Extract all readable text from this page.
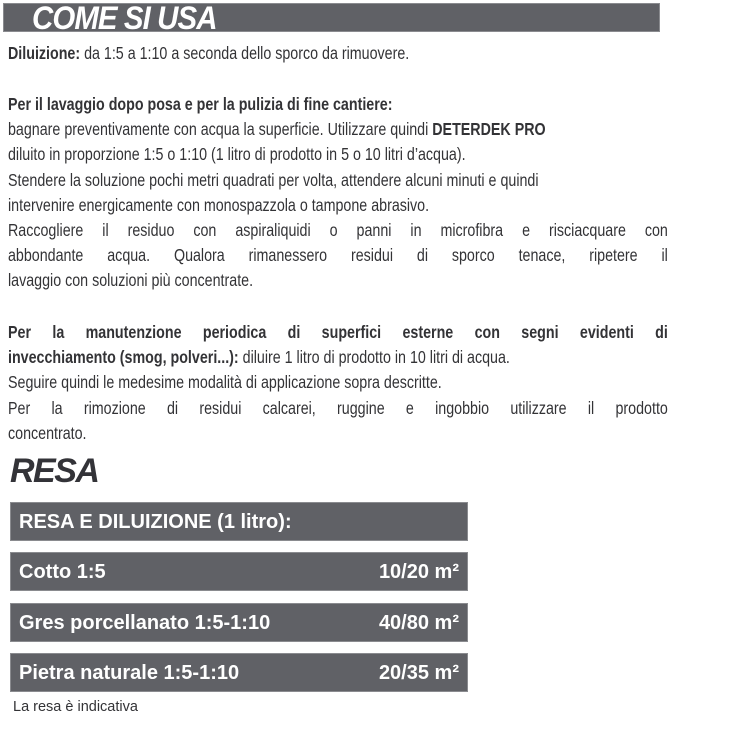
COME SI USA
Diluizione: da 1:5 a 1:10 a seconda dello sporco da rimuovere.
Per il lavaggio dopo posa e per la pulizia di fine cantiere:
bagnare preventivamente con acqua la superficie. Utilizzare quindi DETERDEK PRO
diluito in proporzione 1:5 o 1:10 (1 litro di prodotto in 5 o 10 litri d’acqua).
Stendere la soluzione pochi metri quadrati per volta, attendere alcuni minuti e quindi
intervenire energicamente con monospazzola o tampone abrasivo.
Raccogliere il residuo con aspiraliquidi o panni in microfibra e risciacquare con
abbondante acqua. Qualora rimanessero residui di sporco tenace, ripetere il
lavaggio con soluzioni più concentrate.
Per la manutenzione periodica di superfici esterne con segni evidenti di
invecchiamento (smog, polveri...): diluire 1 litro di prodotto in 10 litri di acqua.
Seguire quindi le medesime modalità di applicazione sopra descritte.
Per la rimozione di residui calcarei, ruggine e ingobbio utilizzare il prodotto
concentrato.
RESA
RESA E DILUIZIONE (1 litro):
Cotto 1:5	10/20 m²
Gres porcellanato 1:5-1:10	40/80 m²
Pietra naturale 1:5-1:10	20/35 m²
La resa è indicativa
